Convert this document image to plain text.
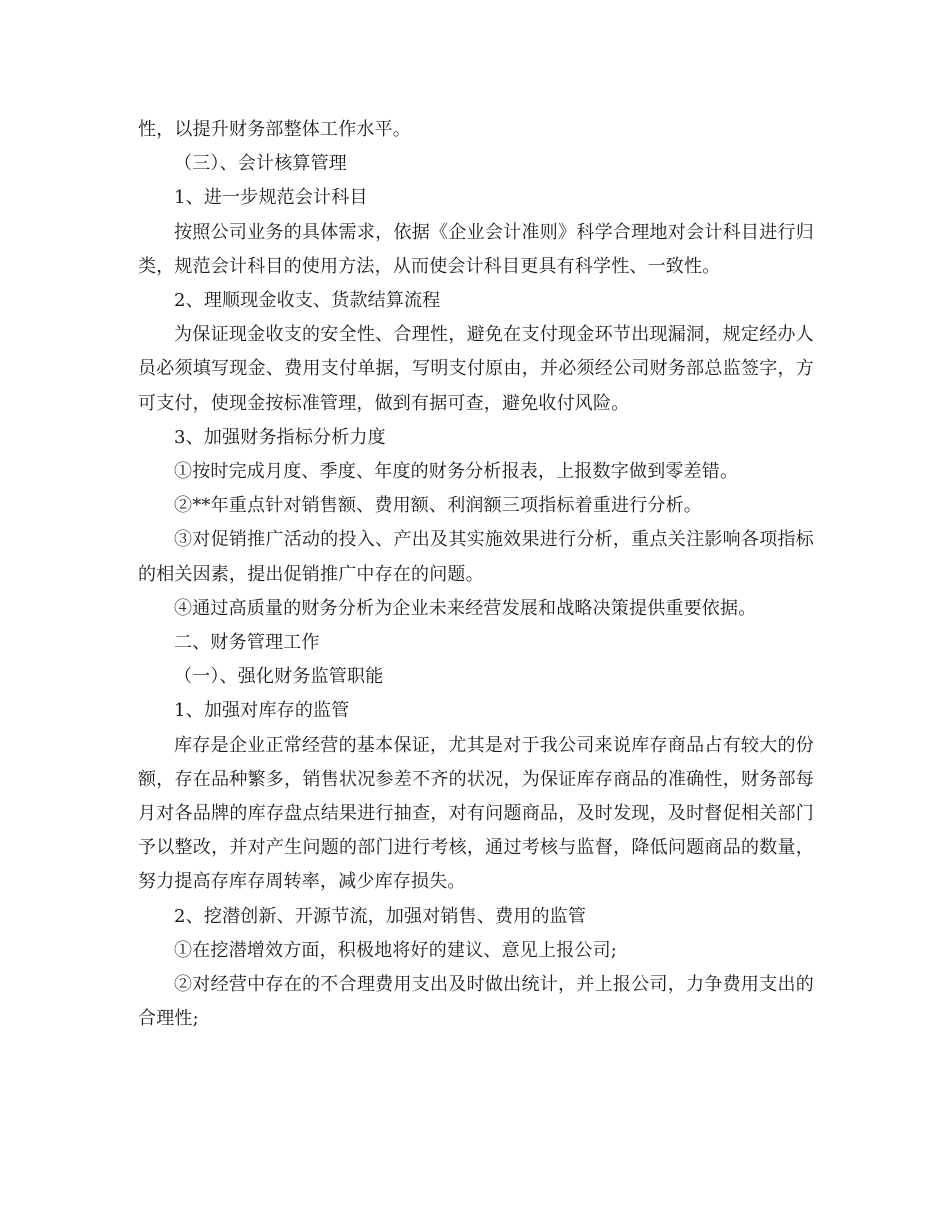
性，以提升财务部整体工作水平。

（三）、会计核算管理

1、进一步规范会计科目

按照公司业务的具体需求，依据《企业会计准则》科学合理地对会计科目进行归类，规范会计科目的使用方法，从而使会计科目更具有科学性、一致性。

2、理顺现金收支、货款结算流程

为保证现金收支的安全性、合理性，避免在支付现金环节出现漏洞，规定经办人员必须填写现金、费用支付单据，写明支付原由，并必须经公司财务部总监签字，方可支付，使现金按标准管理，做到有据可查，避免收付风险。

3、加强财务指标分析力度

①按时完成月度、季度、年度的财务分析报表，上报数字做到零差错。

②**年重点针对销售额、费用额、利润额三项指标着重进行分析。

③对促销推广活动的投入、产出及其实施效果进行分析，重点关注影响各项指标的相关因素，提出促销推广中存在的问题。

④通过高质量的财务分析为企业未来经营发展和战略决策提供重要依据。

二、财务管理工作

（一）、强化财务监管职能

1、加强对库存的监管

库存是企业正常经营的基本保证，尤其是对于我公司来说库存商品占有较大的份额，存在品种繁多，销售状况参差不齐的状况，为保证库存商品的准确性，财务部每月对各品牌的库存盘点结果进行抽查，对有问题商品，及时发现，及时督促相关部门予以整改，并对产生问题的部门进行考核，通过考核与监督，降低问题商品的数量，努力提高存库存周转率，减少库存损失。

2、挖潜创新、开源节流，加强对销售、费用的监管

①在挖潜增效方面，积极地将好的建议、意见上报公司;

②对经营中存在的不合理费用支出及时做出统计，并上报公司，力争费用支出的合理性;
